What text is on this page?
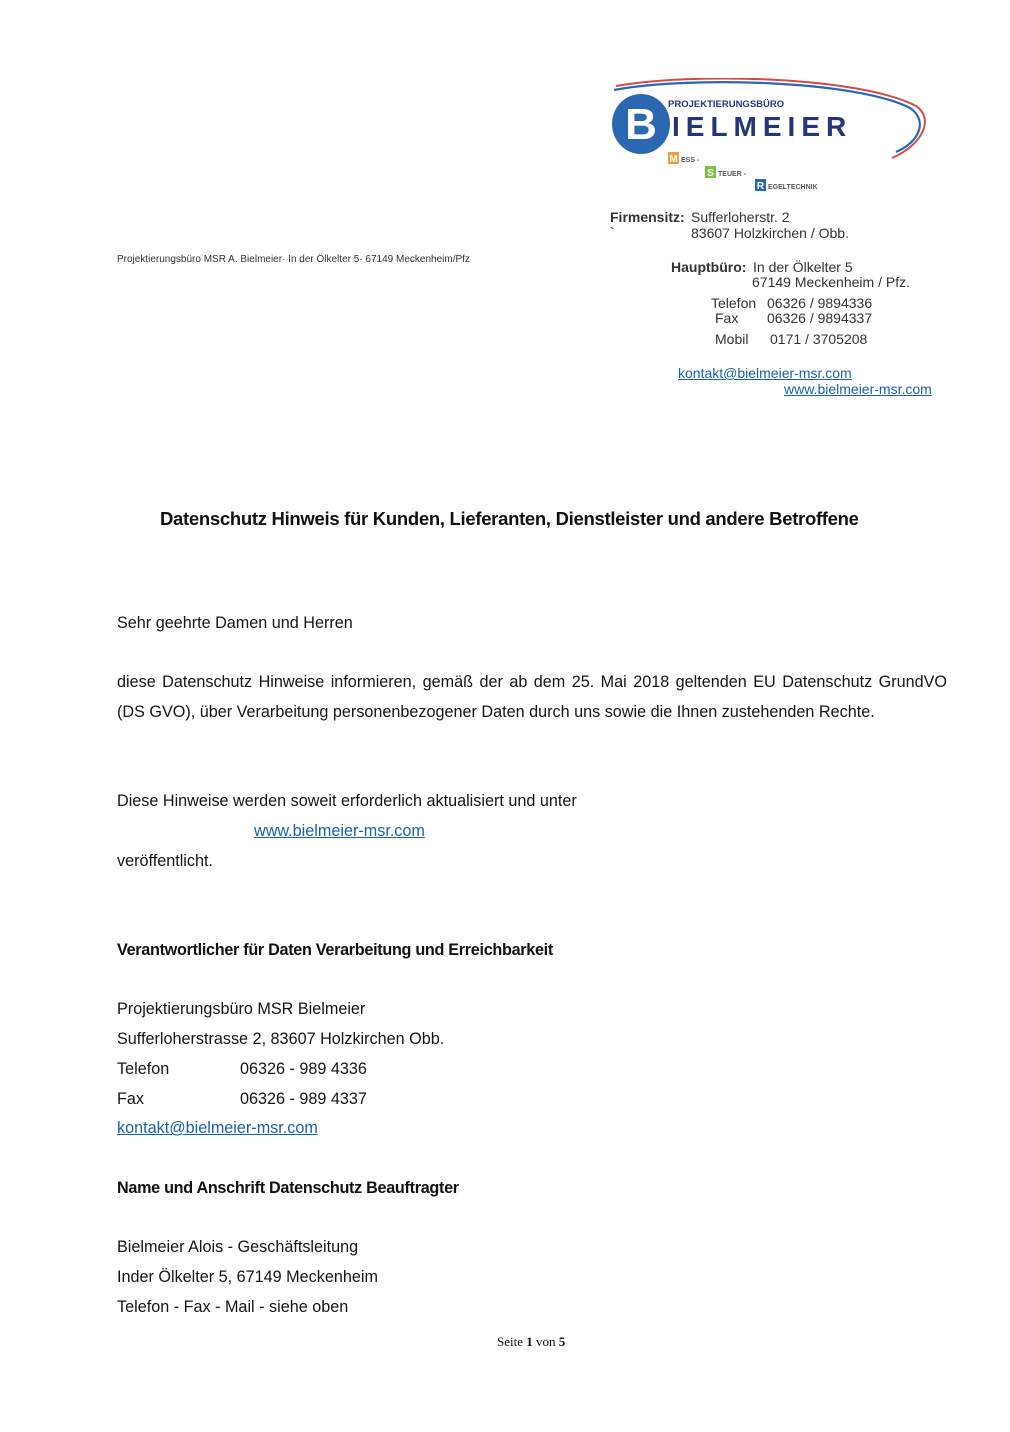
B PROJEKTIERUNGSBÜRO
IELMEIER
M ESS -
S TEUER -
R EGELTECHNIK
Firmensitz: Sufferloherstr. 2
`	83607 Holzkirchen / Obb.
Projektierungsbüro MSR A. Bielmeier· In der Ölkelter 5· 67149 Meckenheim/Pfz	Hauptbüro: In der Ölkelter 5
67149 Meckenheim / Pfz.
Telefon 06326 / 9894336
Fax 06326 / 9894337
Mobil 0171 / 3705208
kontakt@bielmeier-msr.com
www.bielmeier-msr.com
Datenschutz Hinweis für Kunden, Lieferanten, Dienstleister und andere Betroffene
Sehr geehrte Damen und Herren
diese Datenschutz Hinweise informieren, gemäß der ab dem 25. Mai 2018 geltenden EU Datenschutz GrundVO (DS GVO), über Verarbeitung personenbezogener Daten durch uns sowie die Ihnen zustehenden Rechte.
Diese Hinweise werden soweit erforderlich aktualisiert und unter
www.bielmeier-msr.com
veröffentlicht.
Verantwortlicher für Daten Verarbeitung und Erreichbarkeit
Projektierungsbüro MSR Bielmeier
Sufferloherstrasse 2, 83607 Holzkirchen Obb.
Telefon	06326 - 989 4336
Fax	06326 - 989 4337
kontakt@bielmeier-msr.com
Name und Anschrift Datenschutz Beauftragter
Bielmeier Alois - Geschäftsleitung
Inder Ölkelter 5, 67149 Meckenheim
Telefon - Fax - Mail - siehe oben
Seite 1 von 5
